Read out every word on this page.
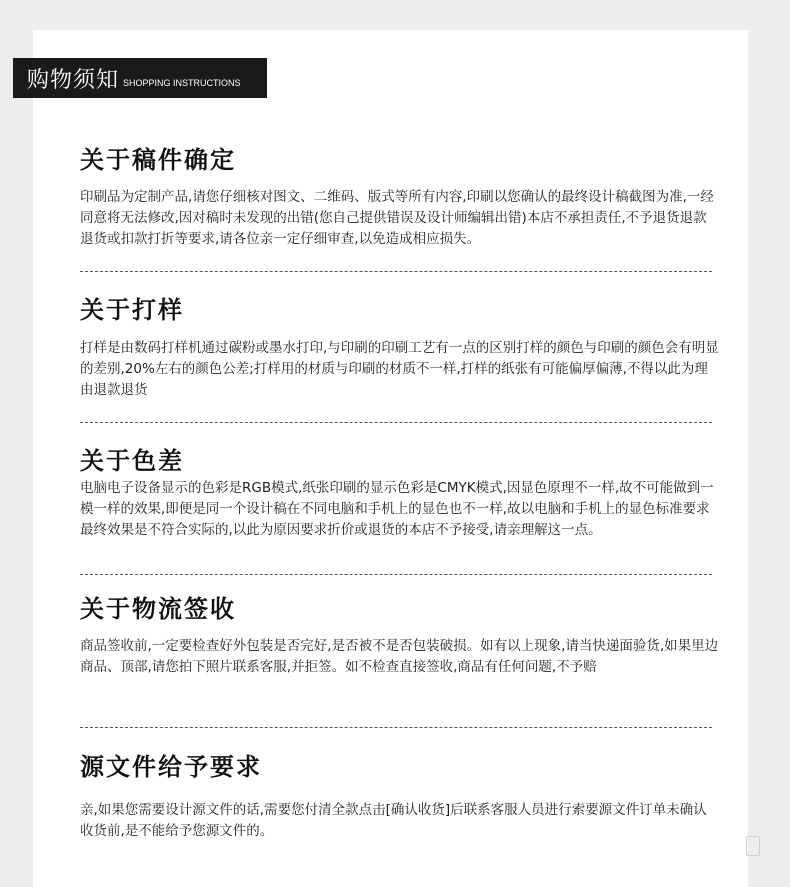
购物须知 SHOPPING INSTRUCTIONS
关于稿件确定

印刷品为定制产品,请您仔细核对图文、二维码、版式等所有内容,印刷以您确认的最终设计稿截图为准,一经同意将无法修改,因对稿时未发现的出错(您自己提供错误及设计师编辑出错)本店不承担责任,不予退货退款退货或扣款打折等要求,请各位亲一定仔细审查,以免造成相应损失。

关于打样

打样是由数码打样机通过碳粉或墨水打印,与印刷的印刷工艺有一点的区别打样的颜色与印刷的颜色会有明显的差别,20%左右的颜色公差;打样用的材质与印刷的材质不一样,打样的纸张有可能偏厚偏薄,不得以此为理由退款退货

关于色差

电脑电子设备显示的色彩是RGB模式,纸张印刷的显示色彩是CMYK模式,因显色原理不一样,故不可能做到一模一样的效果,即便是同一个设计稿在不同电脑和手机上的显色也不一样,故以电脑和手机上的显色标准要求最终效果是不符合实际的,以此为原因要求折价或退货的本店不予接受,请亲理解这一点。

关于物流签收

商品签收前,一定要检查好外包装是否完好,是否被不是否包装破损。如有以上现象,请当快递面验货,如果里边商品、顶部,请您拍下照片联系客服,并拒签。如不检查直接签收,商品有任何问题,不予赔

源文件给予要求

亲,如果您需要设计源文件的话,需要您付清全款点击[确认收货]后联系客服人员进行索要源文件订单未确认收货前,是不能给予您源文件的。
